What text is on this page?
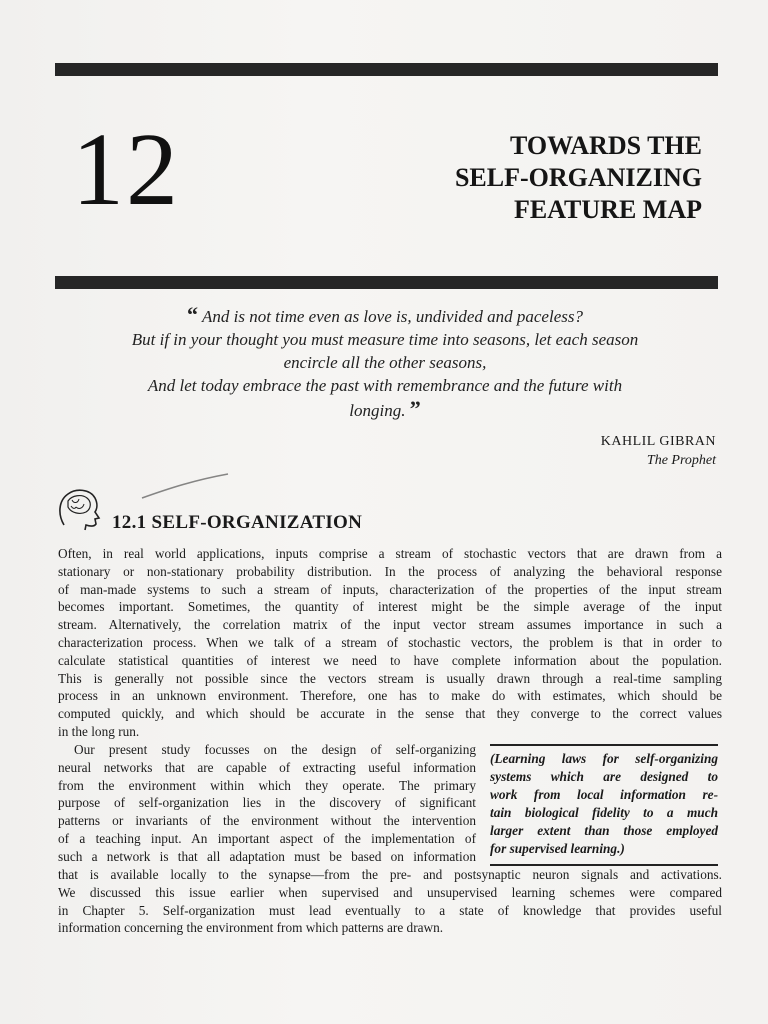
12	TOWARDS THE
SELF-ORGANIZING
FEATURE MAP
“ And is not time even as love is, undivided and paceless?
But if in your thought you must measure time into seasons, let each season
encircle all the other seasons,
And let today embrace the past with remembrance and the future with
longing. ”
KAHLIL GIBRAN
The Prophet
12.1 SELF-ORGANIZATION
Often, in real world applications, inputs comprise a stream of stochastic vectors that are drawn from a
stationary or non-stationary probability distribution. In the process of analyzing the behavioral response
of man-made systems to such a stream of inputs, characterization of the properties of the input stream
becomes important. Sometimes, the quantity of interest might be the simple average of the input
stream. Alternatively, the correlation matrix of the input vector stream assumes importance in such a
characterization process. When we talk of a stream of stochastic vectors, the problem is that in order to
calculate statistical quantities of interest we need to have complete information about the population.
This is generally not possible since the vectors stream is usually drawn through a real-time sampling
process in an unknown environment. Therefore, one has to make do with estimates, which should be
computed quickly, and which should be accurate in the sense that they converge to the correct values
in the long run.
Our present study focusses on the design of self-organizing
neural networks that are capable of extracting useful information
from the environment within which they operate. The primary
purpose of self-organization lies in the discovery of significant
patterns or invariants of the environment without the intervention
of a teaching input. An important aspect of the implementation of
such a network is that all adaptation must be based on information
(Learning laws for self-organizing
systems which are designed to
work from local information re-
tain biological fidelity to a much
larger extent than those employed
for supervised learning.)
that is available locally to the synapse—from the pre- and postsynaptic neuron signals and activations.
We discussed this issue earlier when supervised and unsupervised learning schemes were compared
in Chapter 5. Self-organization must lead eventually to a state of knowledge that provides useful
information concerning the environment from which patterns are drawn.
